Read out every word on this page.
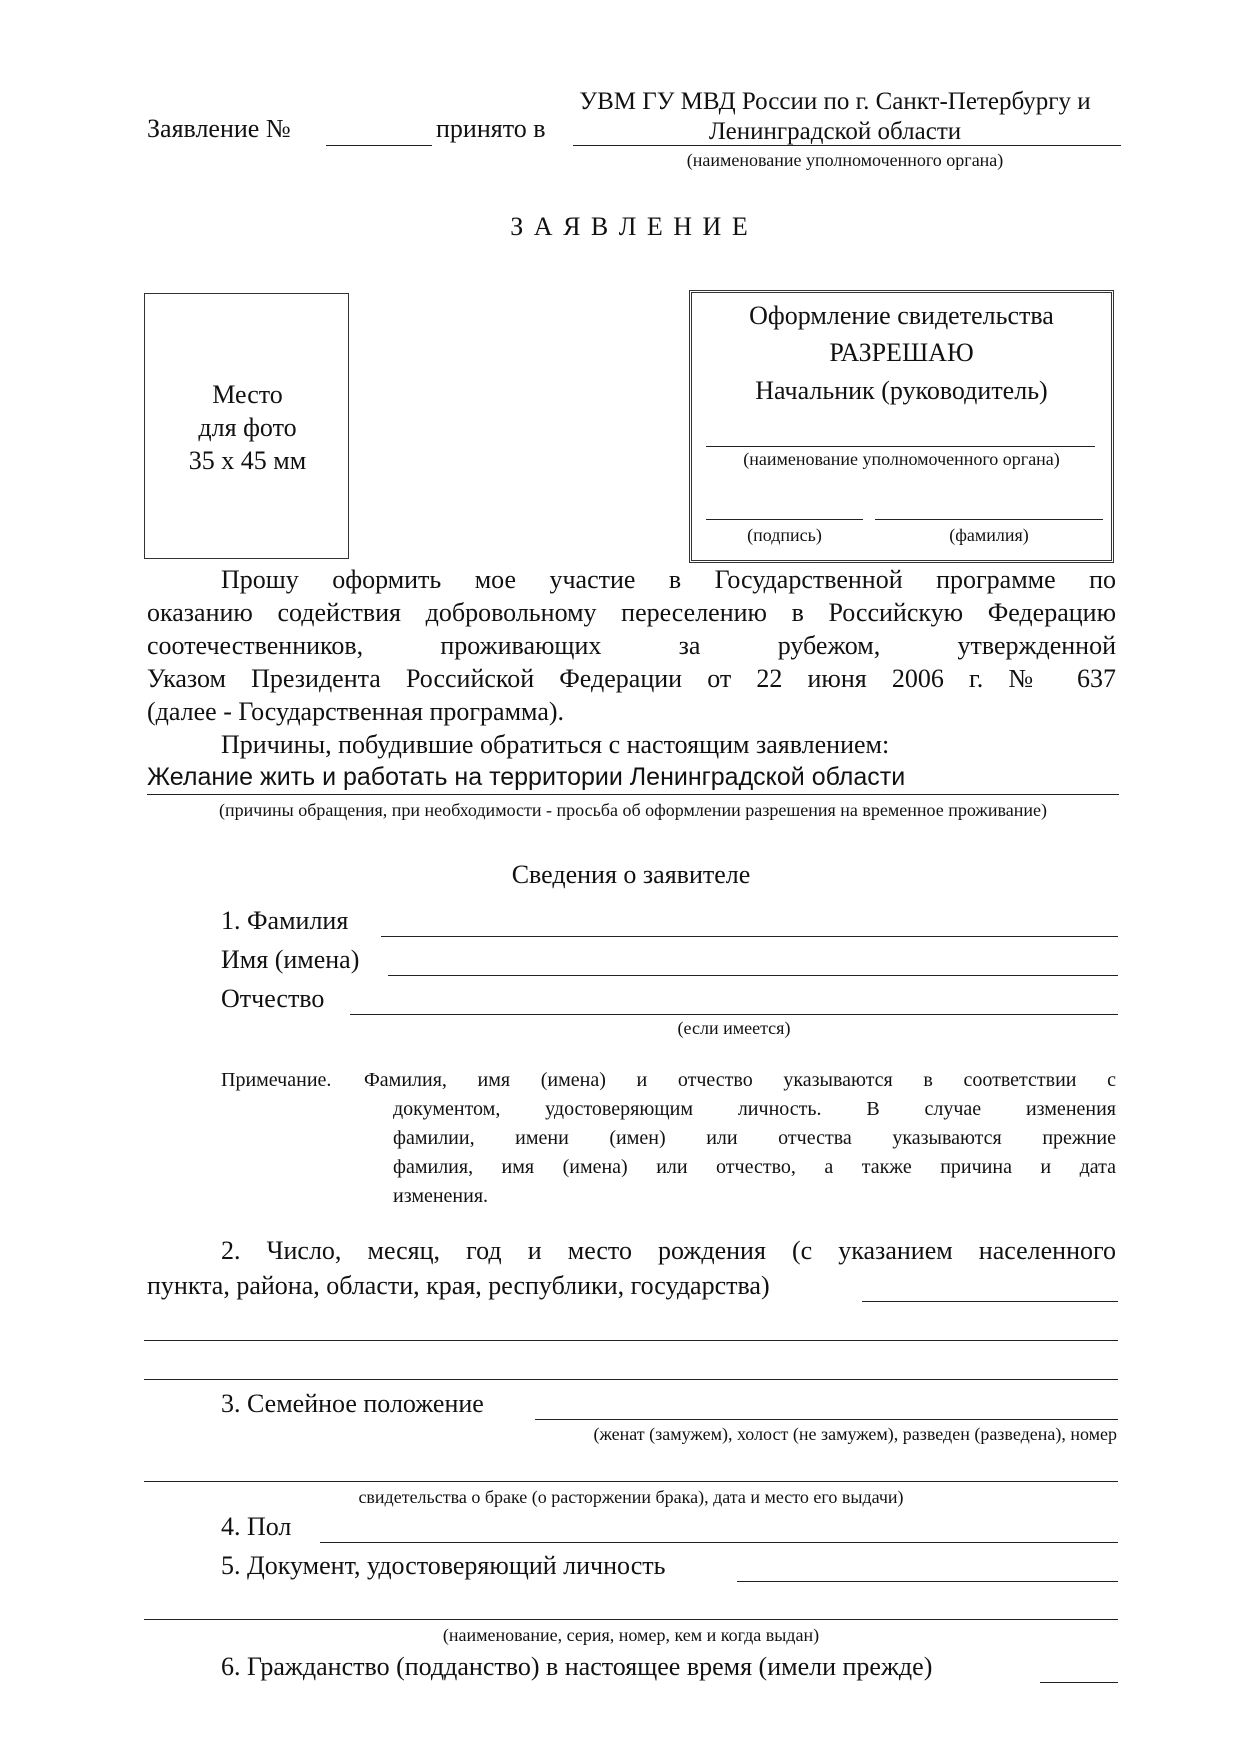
Заявление №	принято в
УВМ ГУ МВД России по г. Санкт-Петербургу и
Ленинградской области
(наименование уполномоченного органа)
З А Я В Л Е Н И Е
Место
для фото
35 х 45 мм
Оформление свидетельства
РАЗРЕШАЮ
Начальник (руководитель)
(наименование уполномоченного органа)
(подпись)	(фамилия)
Прошу оформить мое участие в Государственной программе по
оказанию содействия добровольному переселению в Российскую Федерацию
соотечественников, проживающих за рубежом, утвержденной
Указом Президента Российской Федерации от 22 июня 2006 г. № 637
(далее - Государственная программа).
Причины, побудившие обратиться с настоящим заявлением:
Желание жить и работать на территории Ленинградской области
(причины обращения, при необходимости - просьба об оформлении разрешения на временное проживание)
Сведения о заявителе
1. Фамилия
Имя (имена)
Отчество
(если имеется)
Примечание. Фамилия, имя (имена) и отчество указываются в соответствии с
документом, удостоверяющим личность. В случае изменения
фамилии, имени (имен) или отчества указываются прежние
фамилия, имя (имена) или отчество, а также причина и дата
изменения.
2. Число, месяц, год и место рождения (с указанием населенного
пункта, района, области, края, республики, государства)
3. Семейное положение
(женат (замужем), холост (не замужем), разведен (разведена), номер
свидетельства о браке (о расторжении брака), дата и место его выдачи)
4. Пол
5. Документ, удостоверяющий личность
(наименование, серия, номер, кем и когда выдан)
6. Гражданство (подданство) в настоящее время (имели прежде)
